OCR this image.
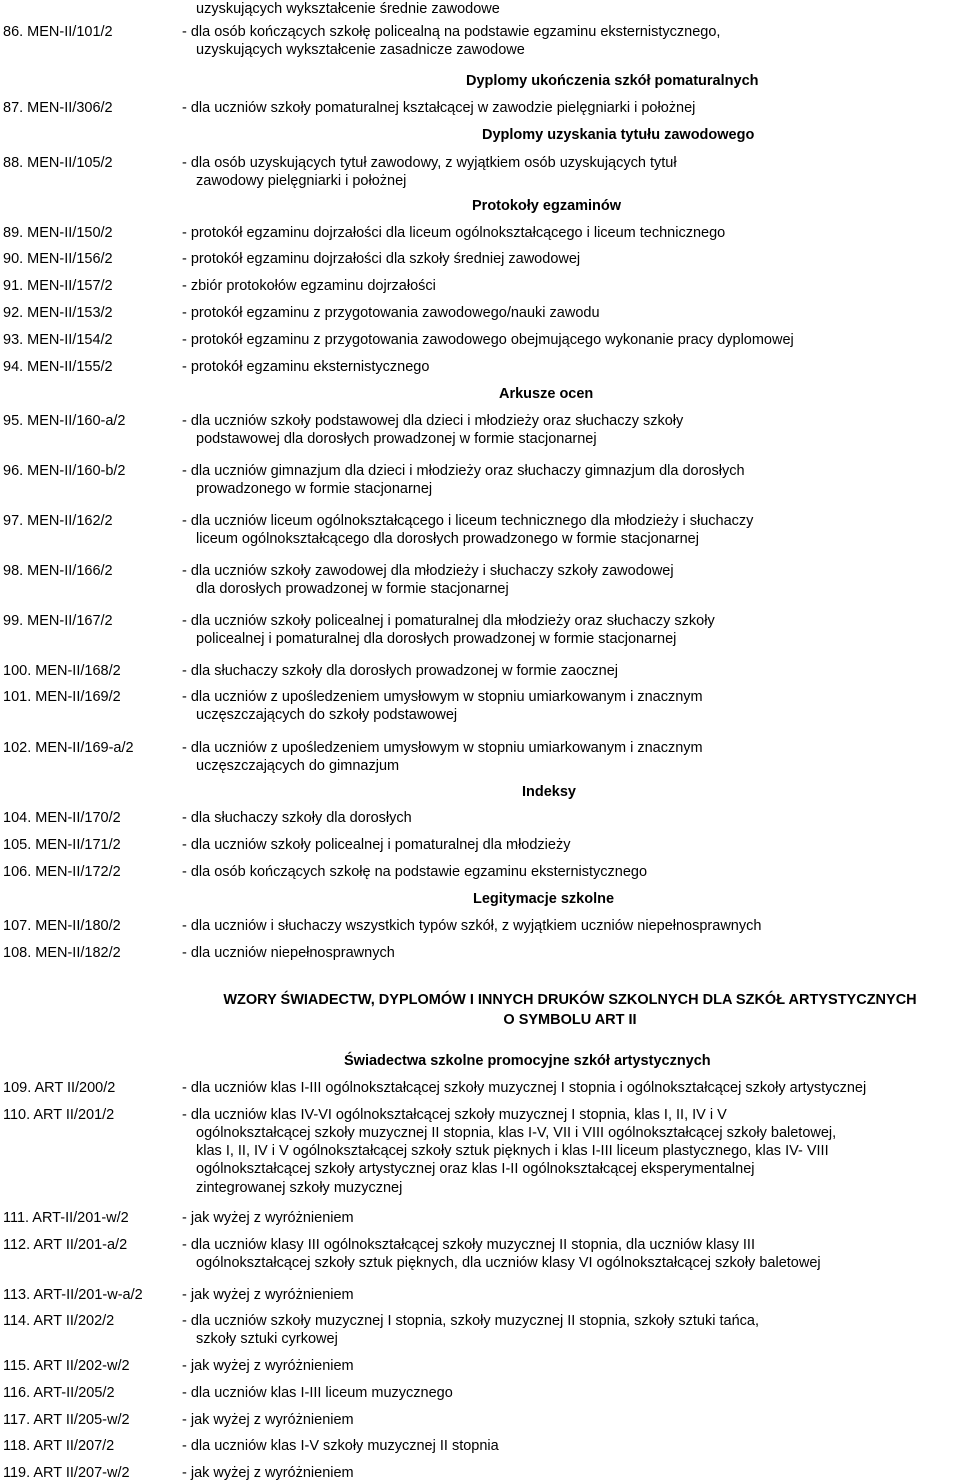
uzyskujących wykształcenie średnie zawodowe
86. MEN-II/101/2	- dla osób kończących szkołę policealną na podstawie egzaminu eksternistycznego,
uzyskujących wykształcenie zasadnicze zawodowe
Dyplomy ukończenia szkół pomaturalnych
87. MEN-II/306/2	- dla uczniów szkoły pomaturalnej kształcącej w zawodzie pielęgniarki i położnej
Dyplomy uzyskania tytułu zawodowego
88. MEN-II/105/2	- dla osób uzyskujących tytuł zawodowy, z wyjątkiem osób uzyskujących tytuł
zawodowy pielęgniarki i położnej
Protokoły egzaminów
89. MEN-II/150/2	- protokół egzaminu dojrzałości dla liceum ogólnokształcącego i liceum technicznego
90. MEN-II/156/2	- protokół egzaminu dojrzałości dla szkoły średniej zawodowej
91. MEN-II/157/2	- zbiór protokołów egzaminu dojrzałości
92. MEN-II/153/2	- protokół egzaminu z przygotowania zawodowego/nauki zawodu
93. MEN-II/154/2	- protokół egzaminu z przygotowania zawodowego obejmującego wykonanie pracy dyplomowej
94. MEN-II/155/2	- protokół egzaminu eksternistycznego
Arkusze ocen
95. MEN-II/160-a/2	- dla uczniów szkoły podstawowej dla dzieci i młodzieży oraz słuchaczy szkoły
podstawowej dla dorosłych prowadzonej w formie stacjonarnej
96. MEN-II/160-b/2	- dla uczniów gimnazjum dla dzieci i młodzieży oraz słuchaczy gimnazjum dla dorosłych
prowadzonego w formie stacjonarnej
97. MEN-II/162/2	- dla uczniów liceum ogólnokształcącego i liceum technicznego dla młodzieży i słuchaczy
liceum ogólnokształcącego dla dorosłych prowadzonego w formie stacjonarnej
98. MEN-II/166/2	- dla uczniów szkoły zawodowej dla młodzieży i słuchaczy szkoły zawodowej
dla dorosłych prowadzonej w formie stacjonarnej
99. MEN-II/167/2	- dla uczniów szkoły policealnej i pomaturalnej dla młodzieży oraz słuchaczy szkoły
policealnej i pomaturalnej dla dorosłych prowadzonej w formie stacjonarnej
100. MEN-II/168/2	- dla słuchaczy szkoły dla dorosłych prowadzonej w formie zaocznej
101. MEN-II/169/2	- dla uczniów z upośledzeniem umysłowym w stopniu umiarkowanym i znacznym
uczęszczających do szkoły podstawowej
102. MEN-II/169-a/2	- dla uczniów z upośledzeniem umysłowym w stopniu umiarkowanym i znacznym
uczęszczających do gimnazjum
Indeksy
104. MEN-II/170/2	- dla słuchaczy szkoły dla dorosłych
105. MEN-II/171/2	- dla uczniów szkoły policealnej i pomaturalnej dla młodzieży
106. MEN-II/172/2	- dla osób kończących szkołę na podstawie egzaminu eksternistycznego
Legitymacje szkolne
107. MEN-II/180/2	- dla uczniów i słuchaczy wszystkich typów szkół, z wyjątkiem uczniów niepełnosprawnych
108. MEN-II/182/2	- dla uczniów niepełnosprawnych
WZORY ŚWIADECTW, DYPLOMÓW I INNYCH DRUKÓW SZKOLNYCH DLA SZKÓŁ ARTYSTYCZNYCH
O SYMBOLU ART II
Świadectwa szkolne promocyjne szkół artystycznych
109. ART II/200/2	- dla uczniów klas I-III ogólnokształcącej szkoły muzycznej I stopnia i ogólnokształcącej szkoły artystycznej
110. ART II/201/2	- dla uczniów klas IV-VI ogólnokształcącej szkoły muzycznej I stopnia, klas I, II, IV i V
ogólnokształcącej szkoły muzycznej II stopnia, klas I-V, VII i VIII ogólnokształcącej szkoły baletowej,
klas I, II, IV i V ogólnokształcącej szkoły sztuk pięknych i klas I-III liceum plastycznego, klas IV- VIII
ogólnokształcącej szkoły artystycznej oraz klas I-II ogólnokształcącej eksperymentalnej
zintegrowanej szkoły muzycznej
111. ART-II/201-w/2	- jak wyżej z wyróżnieniem
112. ART II/201-a/2	- dla uczniów klasy III ogólnokształcącej szkoły muzycznej II stopnia, dla uczniów klasy III
ogólnokształcącej szkoły sztuk pięknych, dla uczniów klasy VI ogólnokształcącej szkoły baletowej
113. ART-II/201-w-a/2	- jak wyżej z wyróżnieniem
114. ART II/202/2	- dla uczniów szkoły muzycznej I stopnia, szkoły muzycznej II stopnia, szkoły sztuki tańca,
szkoły sztuki cyrkowej
115. ART II/202-w/2	- jak wyżej z wyróżnieniem
116. ART-II/205/2	- dla uczniów klas I-III liceum muzycznego
117. ART II/205-w/2	- jak wyżej z wyróżnieniem
118. ART II/207/2	- dla uczniów klas I-V szkoły muzycznej II stopnia
119. ART II/207-w/2	- jak wyżej z wyróżnieniem
